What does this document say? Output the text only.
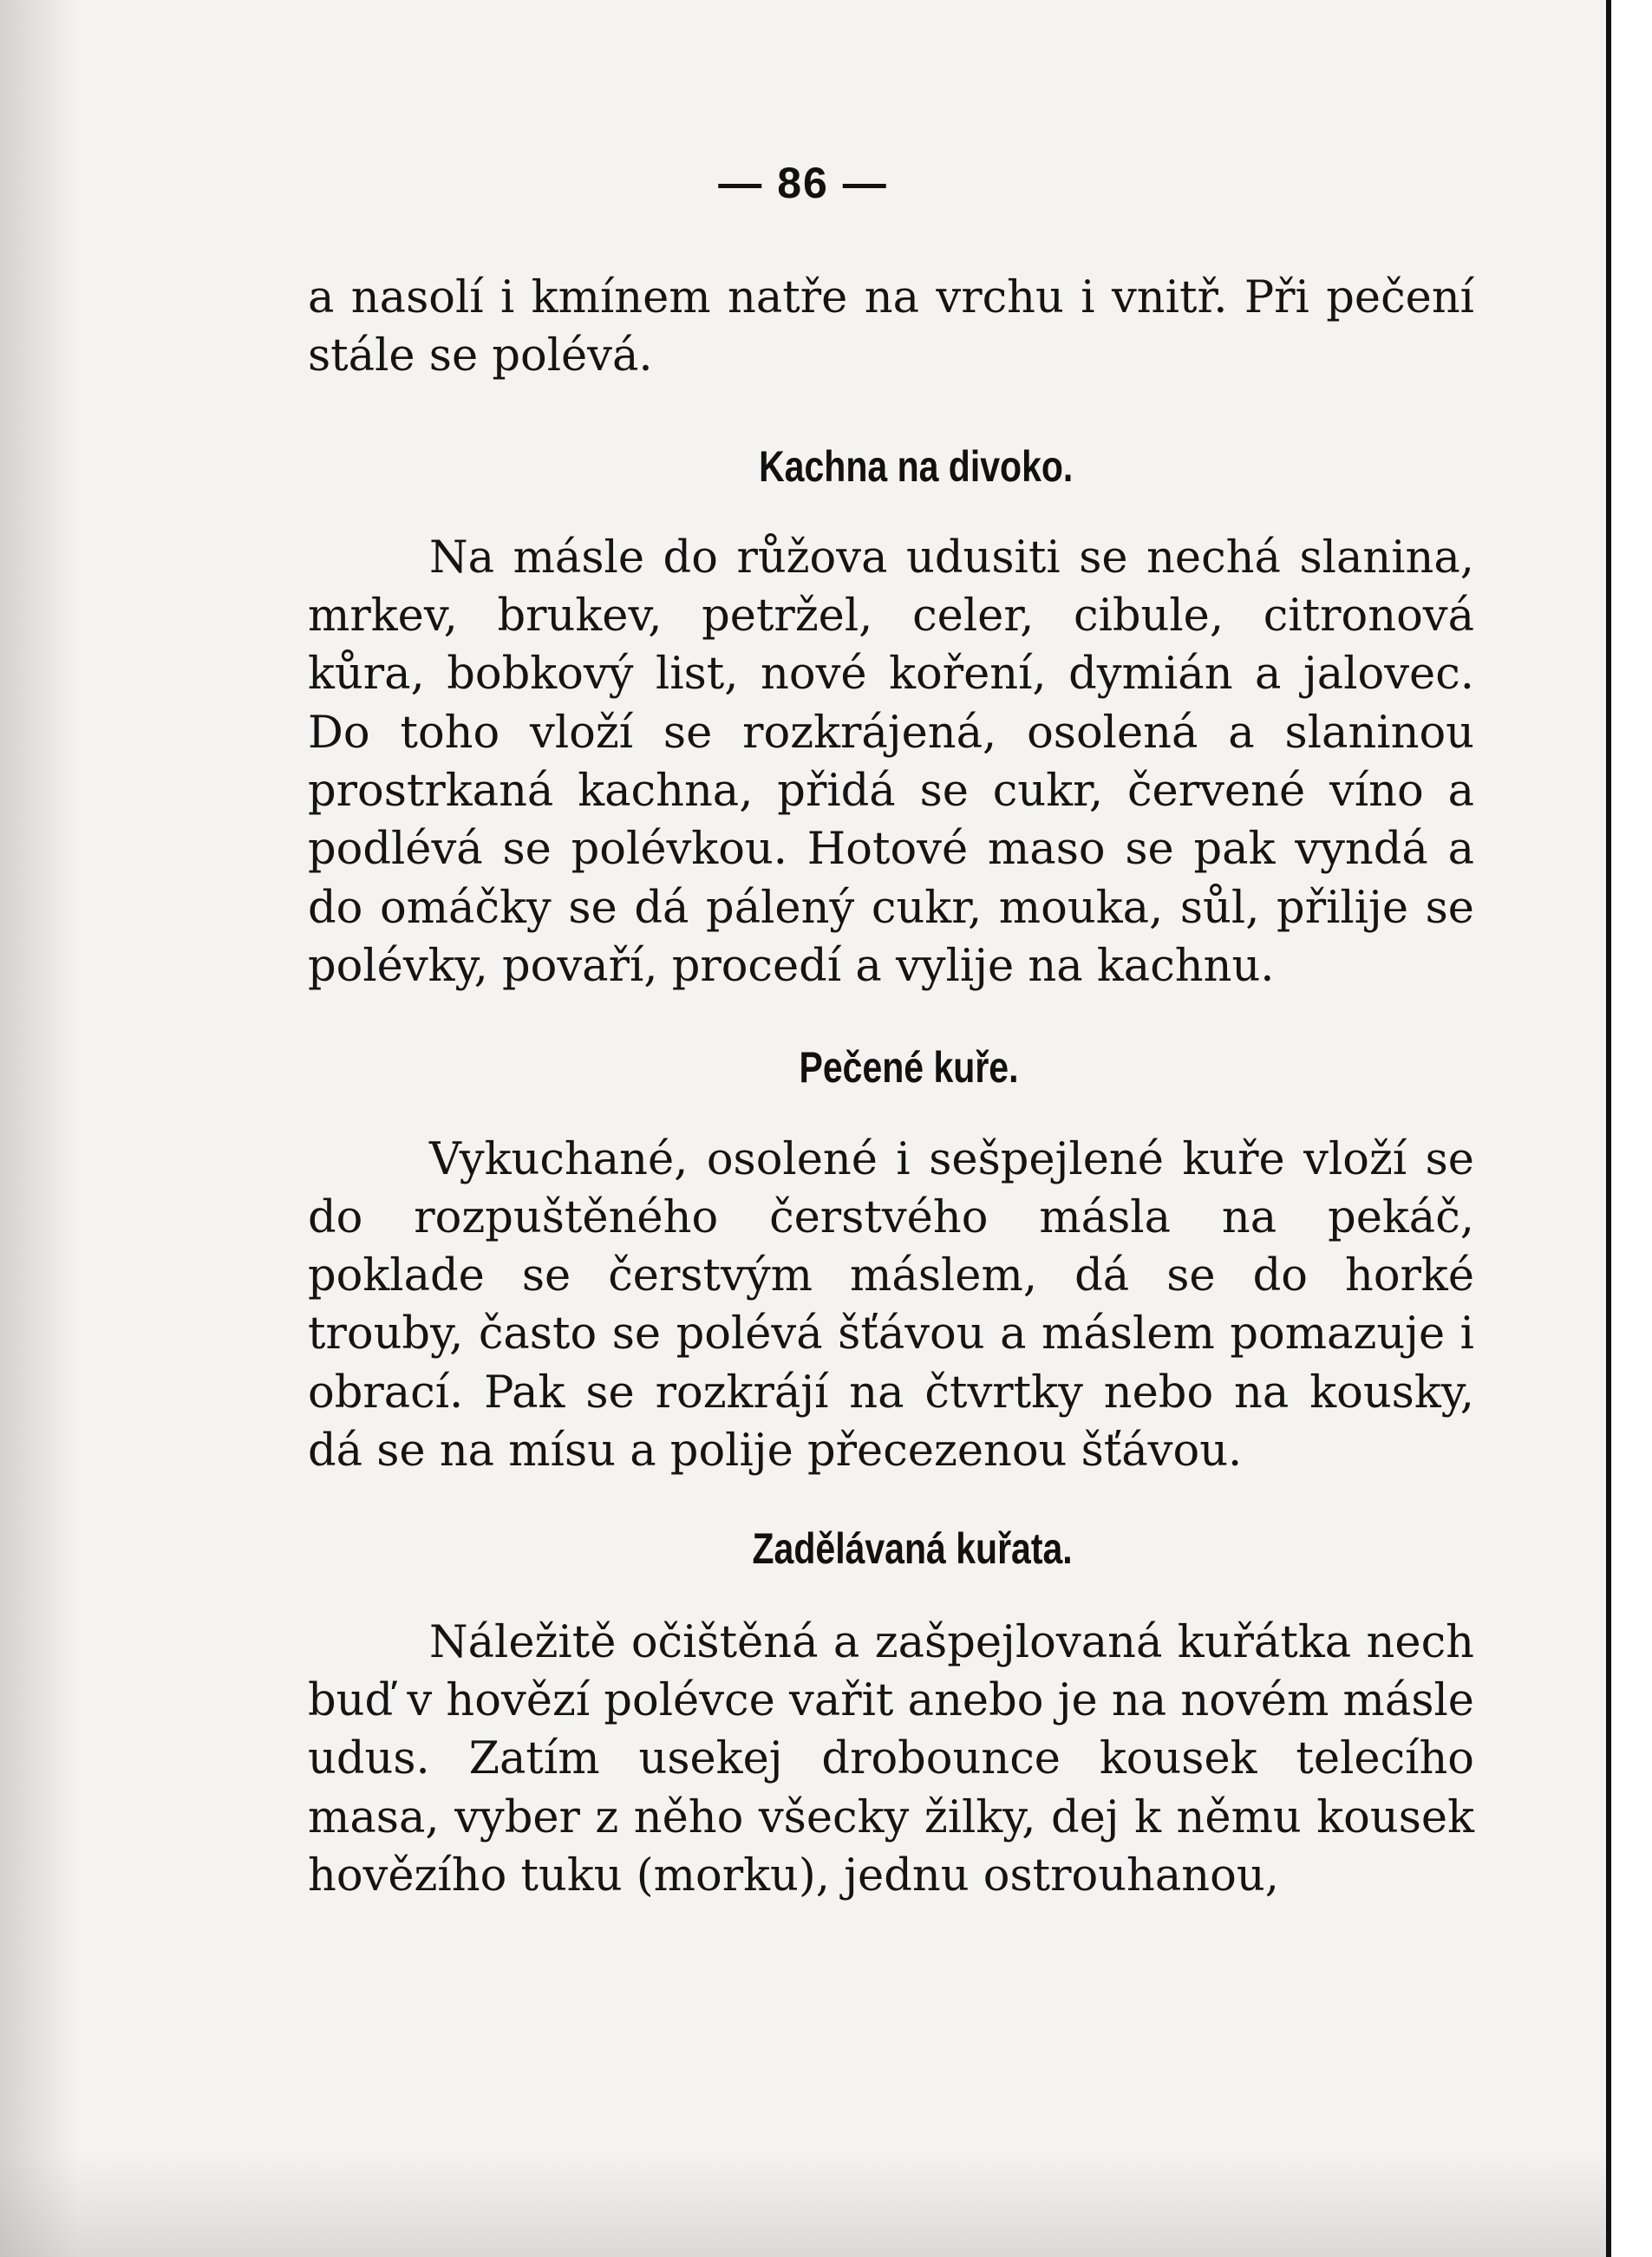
— 86 —

a nasolí i kmínem natře na vrchu i vnitř. Při pečení stále se polévá.

Kachna na divoko.

Na másle do růžova udusiti se nechá slanina, mrkev, brukev, petržel, celer, cibule, citronová kůra, bobkový list, nové koření, dymián a jalovec. Do toho vloží se rozkrájená, osolená a slaninou prostrkaná kachna, přidá se cukr, červené víno a podlévá se polévkou. Hotové maso se pak vyndá a do omáčky se dá pálený cukr, mouka, sůl, přilije se polévky, povaří, procedí a vylije na kachnu.

Pečené kuře.

Vykuchané, osolené i sešpejlené kuře vloží se do rozpuštěného čerstvého másla na pekáč, poklade se čerstvým máslem, dá se do horké trouby, často se polévá šťávou a máslem pomazuje i obrací. Pak se rozkrájí na čtvrtky nebo na kousky, dá se na mísu a polije přecezenou šťávou.

Zadělávaná kuřata.

Náležitě očištěná a zašpejlovaná kuřátka nech buď v hovězí polévce vařit anebo je na novém másle udus. Zatím usekej drobounce kousek telecího masa, vyber z něho všecky žilky, dej k němu kousek hovězího tuku (morku), jednu ostrouhanou,
